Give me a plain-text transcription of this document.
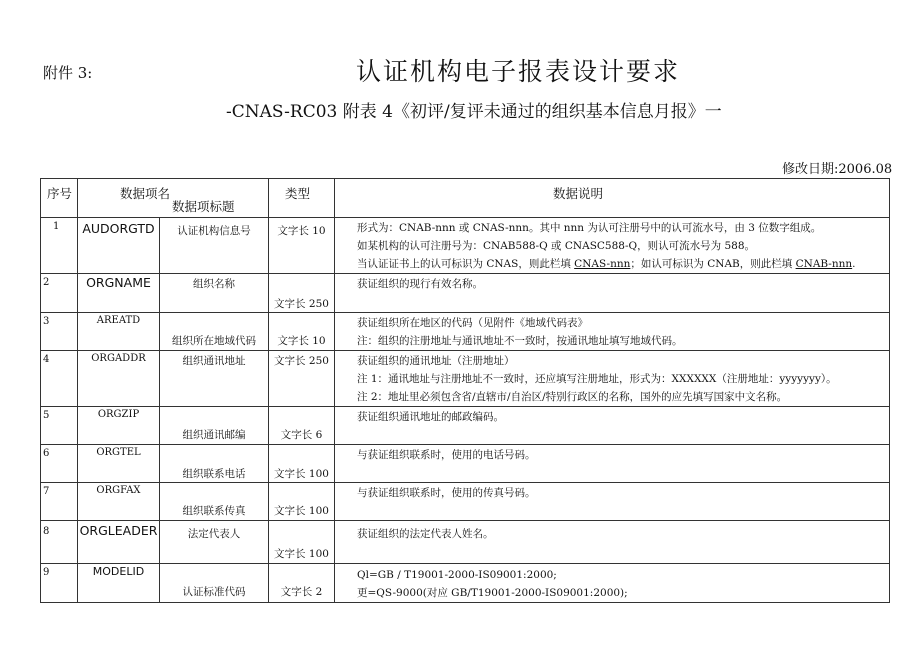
附件 3:	认证机构电子报表设计要求
-CNAS-RC03 附表 4《初评/复评未通过的组织基本信息月报》一
修改日期:2006.08
序号	数据项名
数据项标题		类型	数据说明

1	AUDORGTD	认证机构信息号	文字长 10	形式为：CNAB-nnn 或 CNAS-nnn。其中 nnn 为认可注册号中的认可流水号，由 3 位数字组成。
如某机构的认可注册号为：CNAB588-Q 或 CNASC588-Q，则认可流水号为 588。
当认证证书上的认可标识为 CNAS，则此栏填 CNAS-nnn；如认可标识为 CNAB，则此栏填 CNAB-nnn.

2	ORGNAME	组织名称	文字长 250	获证组织的现行有效名称。

3	AREATD	组织所在地域代码	文字长 10	获证组织所在地区的代码（见附件《地域代码表》
注：组织的注册地址与通讯地址不一致时，按通讯地址填写地域代码。

4	ORGADDR	组织通讯地址	文字长 250	获证组织的通讯地址（注册地址）
注 1：通讯地址与注册地址不一致时，还应填写注册地址，形式为：XXXXXX（注册地址：yyyyyyy）。
注 2：地址里必须包含省/直辖市/自治区/特别行政区的名称，国外的应先填写国家中文名称。

5	ORGZIP	组织通讯邮编	文字长 6	获证组织通讯地址的邮政编码。

6	ORGTEL	组织联系电话	文字长 100	与获证组织联系时，使用的电话号码。

7	ORGFAX	组织联系传真	文字长 100	与获证组织联系时，使用的传真号码。

8	ORGLEADER	法定代表人	文字长 100	获证组织的法定代表人姓名。

9	MODELID	认证标准代码	文字长 2	Ql=GB / T19001-2000-IS09001:2000;
更=QS-9000(对应 GB/T19001-2000-IS09001:2000);
